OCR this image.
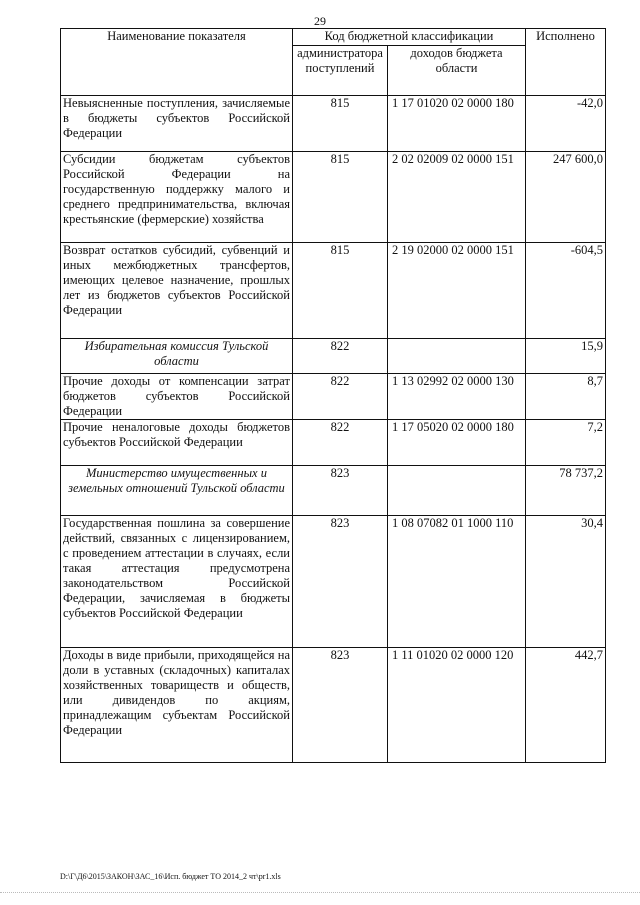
29
Наименование показателя	Код бюджетной классификации		Исполнено
	администратора поступлений	доходов бюджета области	
Невыясненные поступления, зачисляемые в бюджеты субъектов Российской Федерации	815	1 17 01020 02 0000 180	-42,0
Субсидии бюджетам субъектов Российской Федерации на государственную поддержку малого и среднего предпринимательства, включая крестьянские (фермерские) хозяйства	815	2 02 02009 02 0000 151	247 600,0
Возврат остатков субсидий, субвенций и иных межбюджетных трансфертов, имеющих целевое назначение, прошлых лет из бюджетов субъектов Российской Федерации	815	2 19 02000 02 0000 151	-604,5
Избирательная комиссия Тульской области	822		15,9
Прочие доходы от компенсации затрат бюджетов субъектов Российской Федерации	822	1 13 02992 02 0000 130	8,7
Прочие неналоговые доходы бюджетов субъектов Российской Федерации	822	1 17 05020 02 0000 180	7,2
Министерство имущественных и земельных отношений Тульской области	823		78 737,2
Государственная пошлина за совершение действий, связанных с лицензированием, с проведением аттестации в случаях, если такая аттестация предусмотрена законодательством Российской Федерации, зачисляемая в бюджеты субъектов Российской Федерации	823	1 08 07082 01 1000 110	30,4
Доходы в виде прибыли, приходящейся на доли в уставных (складочных) капиталах хозяйственных товариществ и обществ, или дивидендов по акциям, принадлежащим субъектам Российской Федерации	823	1 11 01020 02 0000 120	442,7
D:\Г\Д6\2015\ЗАКОН\ЗАС_16\Исп. бюджет ТО 2014_2 чт\pr1.xls
